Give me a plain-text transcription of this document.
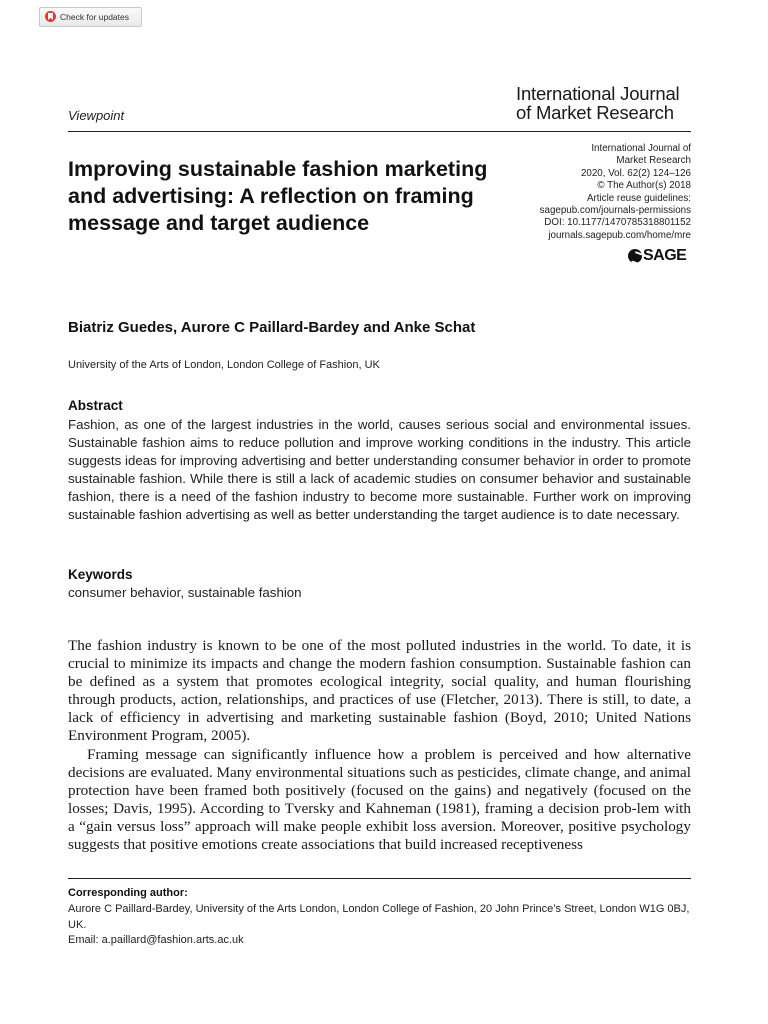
Check for updates
Viewpoint
International Journal
of Market Research
Improving sustainable fashion marketing and advertising: A reflection on framing message and target audience
International Journal of
Market Research
2020, Vol. 62(2) 124–126
© The Author(s) 2018
Article reuse guidelines:
sagepub.com/journals-permissions
DOI: 10.1177/1470785318801152
journals.sagepub.com/home/mre
SAGE
Biatriz Guedes, Aurore C Paillard-Bardey and Anke Schat
University of the Arts of London, London College of Fashion, UK
Abstract
Fashion, as one of the largest industries in the world, causes serious social and environmental issues. Sustainable fashion aims to reduce pollution and improve working conditions in the industry. This article suggests ideas for improving advertising and better understanding consumer behavior in order to promote sustainable fashion. While there is still a lack of academic studies on consumer behavior and sustainable fashion, there is a need of the fashion industry to become more sustainable. Further work on improving sustainable fashion advertising as well as better understanding the target audience is to date necessary.
Keywords
consumer behavior, sustainable fashion

The fashion industry is known to be one of the most polluted industries in the world. To date, it is crucial to minimize its impacts and change the modern fashion consumption. Sustainable fashion can be defined as a system that promotes ecological integrity, social quality, and human flourishing through products, action, relationships, and practices of use (Fletcher, 2013). There is still, to date, a lack of efficiency in advertising and marketing sustainable fashion (Boyd, 2010; United Nations Environment Program, 2005).

Framing message can significantly influence how a problem is perceived and how alternative decisions are evaluated. Many environmental situations such as pesticides, climate change, and animal protection have been framed both positively (focused on the gains) and negatively (focused on the losses; Davis, 1995). According to Tversky and Kahneman (1981), framing a decision prob-lem with a “gain versus loss” approach will make people exhibit loss aversion. Moreover, positive psychology suggests that positive emotions create associations that build increased receptiveness

Corresponding author:
Aurore C Paillard-Bardey, University of the Arts London, London College of Fashion, 20 John Prince’s Street, London W1G 0BJ, UK.
Email: a.paillard@fashion.arts.ac.uk
